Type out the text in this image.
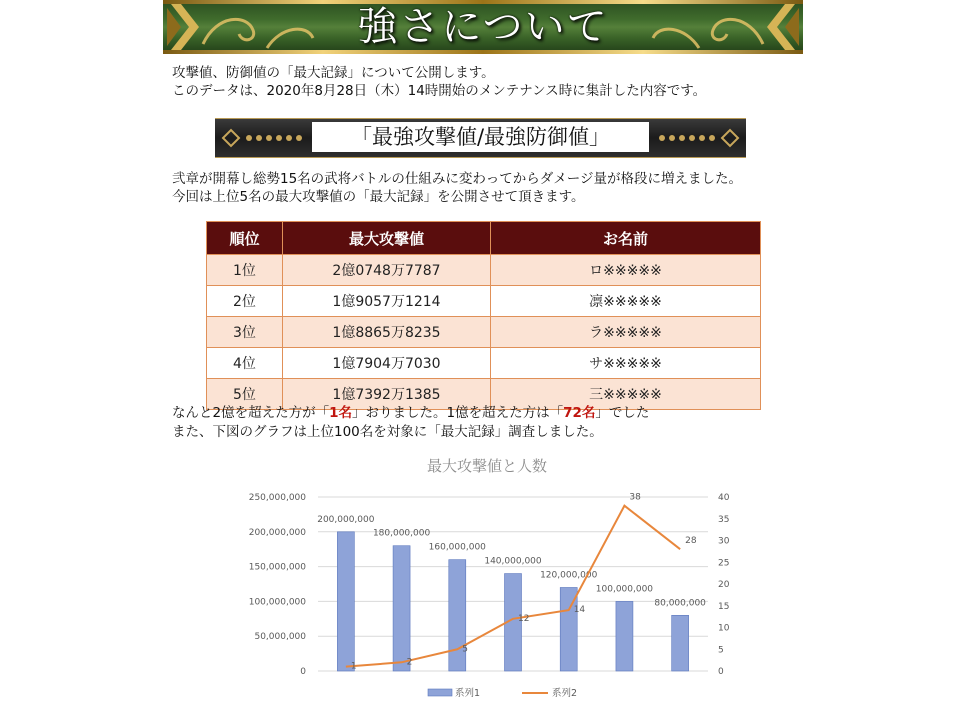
強さについて
攻撃値、防御値の「最大記録」について公開します。
このデータは、2020年8月28日（木）14時開始のメンテナンス時に集計した内容です。
「最強攻撃値/最強防御値」
弐章が開幕し総勢15名の武将バトルの仕組みに変わってからダメージ量が格段に増えました。
今回は上位5名の最大攻撃値の「最大記録」を公開させて頂きます。
順位	最大攻撃値	お名前
1位	2億0748万7787	ロ※※※※※
2位	1億9057万1214	凛※※※※※
3位	1億8865万8235	ラ※※※※※
4位	1億7904万7030	サ※※※※※
5位	1億7392万1385	三※※※※※
なんと2億を超えた方が「1名」おりました。1億を超えた方は「72名」でした
また、下図のグラフは上位100名を対象に「最大記録」調査しました。
最大攻撃値と人数
0
50,000,000
100,000,000
150,000,000
200,000,000
250,000,000
0
5
10
15
20
25
30
35
40
200,000,000
180,000,000
160,000,000
140,000,000
120,000,000
100,000,000
80,000,000
1	2
5
12
14
38
28
系列1	系列2
